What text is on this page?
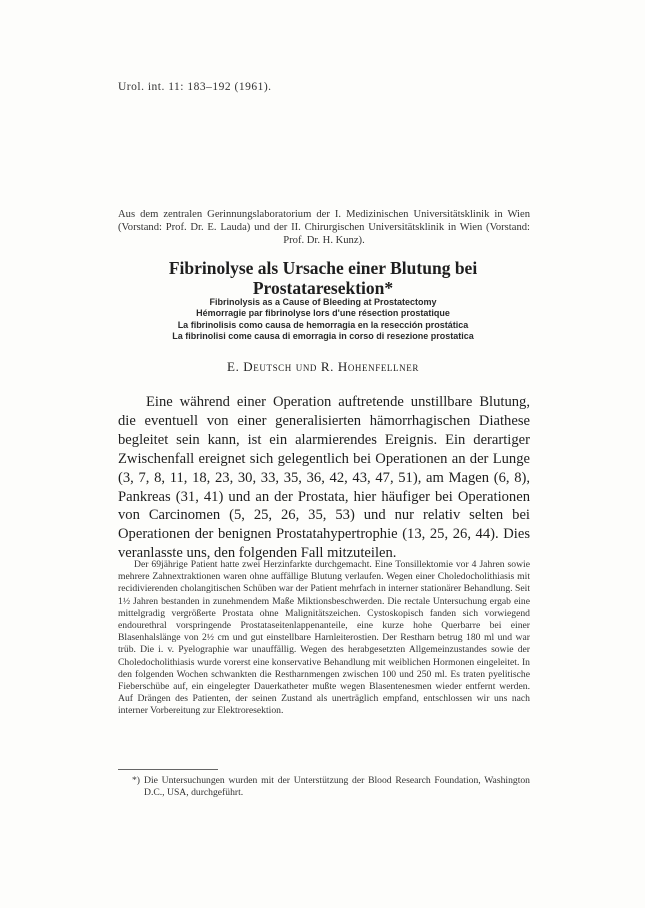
Urol. int. 11: 183–192 (1961).
Aus dem zentralen Gerinnungslaboratorium der I. Medizinischen Universitätsklinik in Wien (Vorstand: Prof. Dr. E. Lauda) und der II. Chirurgischen Universitätsklinik in Wien (Vorstand: Prof. Dr. H. Kunz).
Fibrinolyse als Ursache einer Blutung bei Prostataresektion*
Fibrinolysis as a Cause of Bleeding at Prostatectomy
Hémorragie par fibrinolyse lors d'une résection prostatique
La fibrinolisis como causa de hemorragia en la resección prostática
La fibrinolisi come causa di emorragia in corso di resezione prostatica
E. Deutsch und R. Hohenfellner

Eine während einer Operation auftretende unstillbare Blutung, die eventuell von einer generalisierten hämorrhagischen Diathese begleitet sein kann, ist ein alarmierendes Ereignis. Ein derartiger Zwischenfall ereignet sich gelegentlich bei Operationen an der Lunge (3, 7, 8, 11, 18, 23, 30, 33, 35, 36, 42, 43, 47, 51), am Magen (6, 8), Pankreas (31, 41) und an der Prostata, hier häufiger bei Operationen von Carcinomen (5, 25, 26, 35, 53) und nur relativ selten bei Operationen der benignen Prostatahypertrophie (13, 25, 26, 44). Dies veranlasste uns, den folgenden Fall mitzuteilen.

Der 69jährige Patient hatte zwei Herzinfarkte durchgemacht. Eine Tonsillektomie vor 4 Jahren sowie mehrere Zahnextraktionen waren ohne auffällige Blutung verlaufen. Wegen einer Choledocholithiasis mit recidivierenden cholangitischen Schüben war der Patient mehrfach in interner stationärer Behandlung. Seit 1½ Jahren bestanden in zunehmendem Maße Miktionsbeschwerden. Die rectale Untersuchung ergab eine mittelgradig vergrößerte Prostata ohne Malignitätszeichen. Cystoskopisch fanden sich vorwiegend endourethral vorspringende Prostataseitenlappenanteile, eine kurze hohe Querbarre bei einer Blasenhalslänge von 2½ cm und gut einstellbare Harnleiterostien. Der Restharn betrug 180 ml und war trüb. Die i. v. Pyelographie war unauffällig. Wegen des herabgesetzten Allgemeinzustandes sowie der Choledocholithiasis wurde vorerst eine konservative Behandlung mit weiblichen Hormonen eingeleitet. In den folgenden Wochen schwankten die Restharnmengen zwischen 100 und 250 ml. Es traten pyelitische Fieberschübe auf, ein eingelegter Dauerkatheter mußte wegen Blasentenesmen wieder entfernt werden. Auf Drängen des Patienten, der seinen Zustand als unerträglich empfand, entschlossen wir uns nach interner Vorbereitung zur Elektroresektion.

*) Die Untersuchungen wurden mit der Unterstützung der Blood Research Foundation, Washington D.C., USA, durchgeführt.
